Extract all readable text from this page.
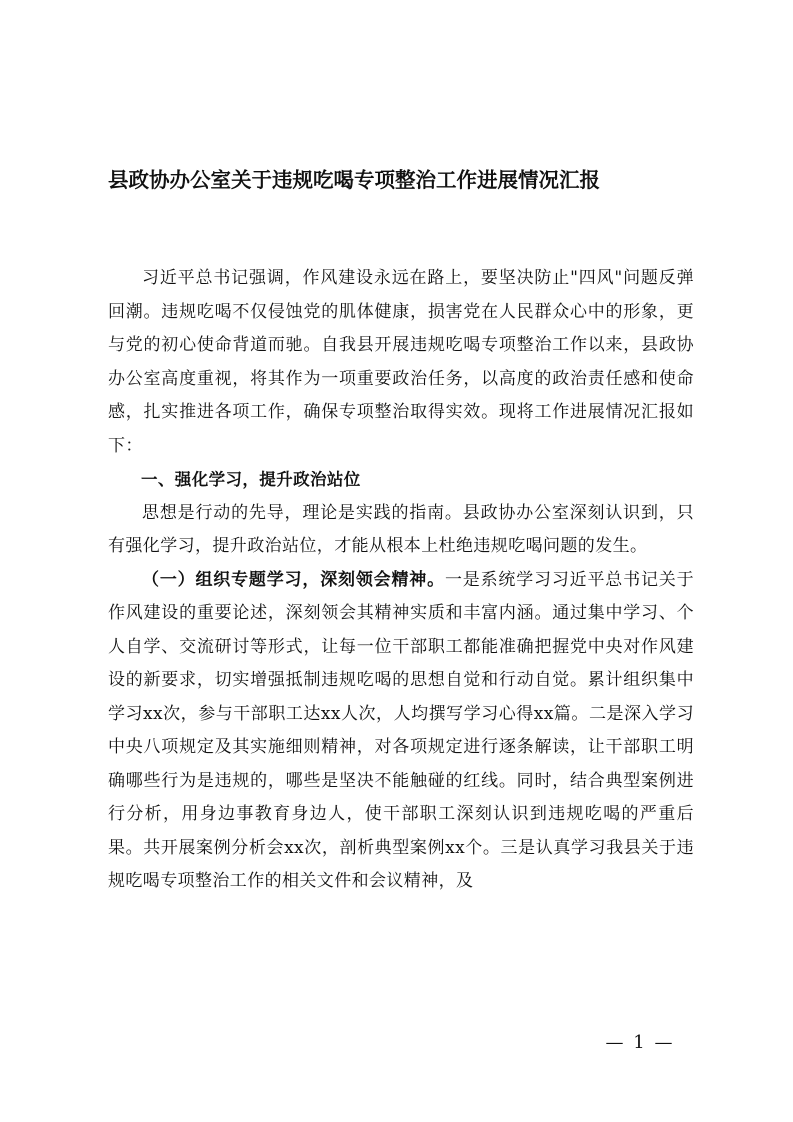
县政协办公室关于违规吃喝专项整治工作进展情况汇报

习近平总书记强调，作风建设永远在路上，要坚决防止"四风"问题反弹回潮。违规吃喝不仅侵蚀党的肌体健康，损害党在人民群众心中的形象，更与党的初心使命背道而驰。自我县开展违规吃喝专项整治工作以来，县政协办公室高度重视，将其作为一项重要政治任务，以高度的政治责任感和使命感，扎实推进各项工作，确保专项整治取得实效。现将工作进展情况汇报如下：

一、强化学习，提升政治站位

思想是行动的先导，理论是实践的指南。县政协办公室深刻认识到，只有强化学习，提升政治站位，才能从根本上杜绝违规吃喝问题的发生。

（一）组织专题学习，深刻领会精神。一是系统学习习近平总书记关于作风建设的重要论述，深刻领会其精神实质和丰富内涵。通过集中学习、个人自学、交流研讨等形式，让每一位干部职工都能准确把握党中央对作风建设的新要求，切实增强抵制违规吃喝的思想自觉和行动自觉。累计组织集中学习xx次，参与干部职工达xx人次，人均撰写学习心得xx篇。二是深入学习中央八项规定及其实施细则精神，对各项规定进行逐条解读，让干部职工明确哪些行为是违规的，哪些是坚决不能触碰的红线。同时，结合典型案例进行分析，用身边事教育身边人，使干部职工深刻认识到违规吃喝的严重后果。共开展案例分析会xx次，剖析典型案例xx个。三是认真学习我县关于违规吃喝专项整治工作的相关文件和会议精神，及

— 1 —
